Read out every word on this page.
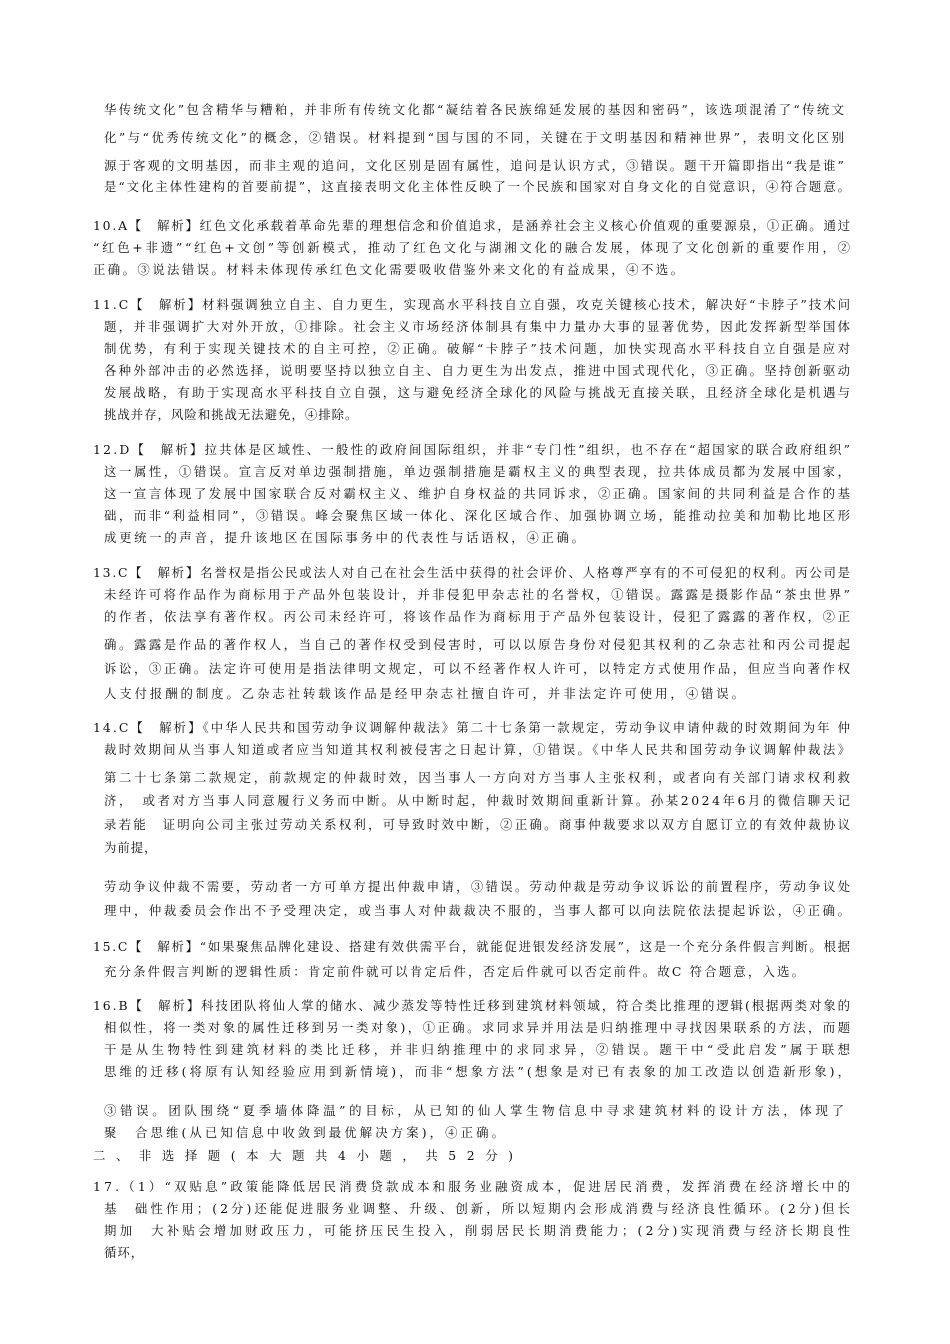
华传统文化”包含精华与糟粕，并非所有传统文化都“凝结着各民族绵延发展的基因和密码”，该选项混淆了“传统文
化”与“优秀传统文化”的概念，②错误。材料提到“国与国的不同，关键在于文明基因和精神世界”，表明文化区别
源于客观的文明基因，而非主观的追问，文化区别是固有属性，追问是认识方式，③错误。题干开篇即指出“我是谁”
是“文化主体性建构的首要前提”，这直接表明文化主体性反映了一个民族和国家对自身文化的自觉意识，④符合题意。
10.A【　解析】红色文化承载着革命先辈的理想信念和价值追求，是涵养社会主义核心价值观的重要源泉，①正确。通过
“红色+非遗”“红色+文创”等创新模式，推动了红色文化与湖湘文化的融合发展，体现了文化创新的重要作用，②
正确。③说法错误。材料未体现传承红色文化需要吸收借鉴外来文化的有益成果，④不选。
11.C【　解析】材料强调独立自主、自力更生，实现高水平科技自立自强，攻克关键核心技术，解决好“卡脖子”技术问
题，并非强调扩大对外开放，①排除。社会主义市场经济体制具有集中力量办大事的显著优势，因此发挥新型举国体
制优势，有利于实现关键技术的自主可控，②正确。破解“卡脖子”技术问题，加快实现高水平科技自立自强是应对
各种外部冲击的必然选择，说明要坚持以独立自主、自力更生为出发点，推进中国式现代化，③正确。坚持创新驱动
发展战略，有助于实现高水平科技自立自强，这与避免经济全球化的风险与挑战无直接关联，且经济全球化是机遇与
挑战并存，风险和挑战无法避免，④排除。
12.D【　解析】拉共体是区域性、一般性的政府间国际组织，并非“专门性”组织，也不存在“超国家的联合政府组织”
这一属性，①错误。宣言反对单边强制措施，单边强制措施是霸权主义的典型表现，拉共体成员都为发展中国家，
这一宣言体现了发展中国家联合反对霸权主义、维护自身权益的共同诉求，②正确。国家间的共同利益是合作的基
础，而非“利益相同”，③错误。峰会聚焦区域一体化、深化区域合作、加强协调立场，能推动拉美和加勒比地区形
成更统一的声音，提升该地区在国际事务中的代表性与话语权，④正确。
13.C【　解析】名誉权是指公民或法人对自己在社会生活中获得的社会评价、人格尊严享有的不可侵犯的权利。丙公司是
未经许可将作品作为商标用于产品外包装设计，并非侵犯甲杂志社的名誉权，①错误。露露是摄影作品“茶虫世界”
的作者，依法享有著作权。丙公司未经许可，将该作品作为商标用于产品外包装设计，侵犯了露露的著作权，②正
确。露露是作品的著作权人，当自己的著作权受到侵害时，可以以原告身份对侵犯其权利的乙杂志社和丙公司提起
诉讼，③正确。法定许可使用是指法律明文规定，可以不经著作权人许可，以特定方式使用作品，但应当向著作权
人支付报酬的制度。乙杂志社转载该作品是经甲杂志社擅自许可，并非法定许可使用，④错误。
14.C【　解析】《中华人民共和国劳动争议调解仲裁法》第二十七条第一款规定，劳动争议申请仲裁的时效期间为年 仲
裁时效期间从当事人知道或者应当知道其权利被侵害之日起计算，①错误。《中华人民共和国劳动争议调解仲裁法》
第二十七条第二款规定，前款规定的仲裁时效，因当事人一方向对方当事人主张权利，或者向有关部门请求权利救
济，　或者对方当事人同意履行义务而中断。从中断时起，仲裁时效期间重新计算。孙某2024年6月的微信聊天记
录若能　证明向公司主张过劳动关系权利，可导致时效中断，②正确。商事仲裁要求以双方自愿订立的有效仲裁协议
为前提，
劳动争议仲裁不需要，劳动者一方可单方提出仲裁申请，③错误。劳动仲裁是劳动争议诉讼的前置程序，劳动争议处
理中，仲裁委员会作出不予受理决定，或当事人对仲裁裁决不服的，当事人都可以向法院依法提起诉讼，④正确。
15.C【　解析】“如果聚焦品牌化建设、搭建有效供需平台，就能促进银发经济发展”，这是一个充分条件假言判断。根据
充分条件假言判断的逻辑性质：肯定前件就可以肯定后件，否定后件就可以否定前件。故C 符合题意，入选。
16.B【　解析】科技团队将仙人掌的储水、减少蒸发等特性迁移到建筑材料领域，符合类比推理的逻辑(根据两类对象的
相似性，将一类对象的属性迁移到另一类对象)，①正确。求同求异并用法是归纳推理中寻找因果联系的方法，而题
干是从生物特性到建筑材料的类比迁移，并非归纳推理中的求同求异，②错误。题干中“受此启发”属于联想
思维的迁移(将原有认知经验应用到新情境)，而非“想象方法”(想象是对已有表象的加工改造以创造新形象)，
③错误。团队围绕“夏季墙体降温”的目标，从已知的仙人掌生物信息中寻求建筑材料的设计方法，体现了
聚　合思维(从已知信息中收敛到最优解决方案)，④正确。
二、非选择题(本大题共4小题，共52分)
17.（1）“双贴息”政策能降低居民消费贷款成本和服务业融资成本，促进居民消费，发挥消费在经济增长中的
基　础性作用；(2分)还能促进服务业调整、升级、创新，所以短期内会形成消费与经济良性循环。(2分)但长
期加　大补贴会增加财政压力，可能挤压民生投入，削弱居民长期消费能力；(2分)实现消费与经济长期良性
循环，
